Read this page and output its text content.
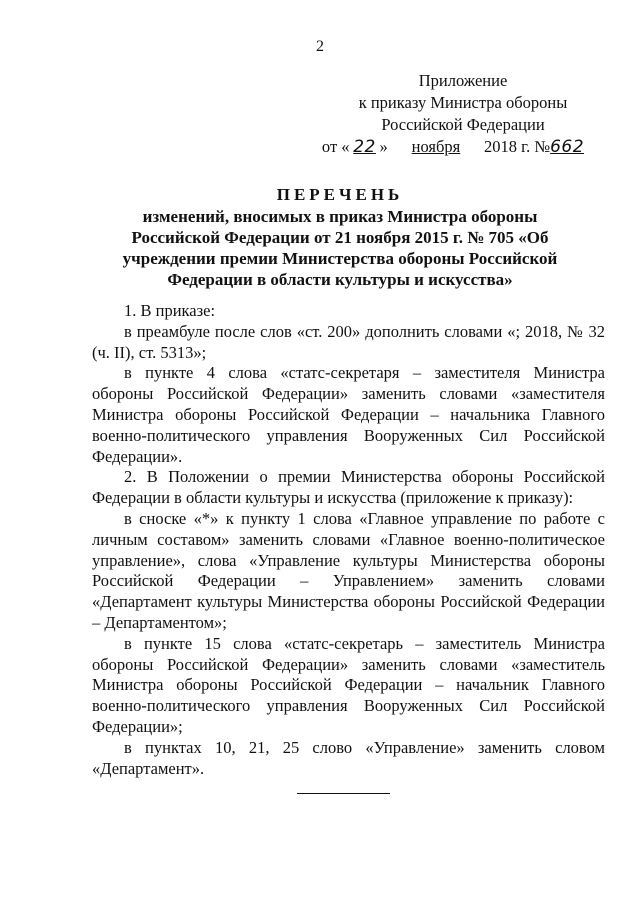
2
Приложение
к приказу Министра обороны
Российской Федерации
от « 22 » ноября 2018 г. №662
ПЕРЕЧЕНЬ
изменений, вносимых в приказ Министра обороны Российской Федерации от 21 ноября 2015 г. № 705 «Об учреждении премии Министерства обороны Российской Федерации в области культуры и искусства»

1. В приказе:

в преамбуле после слов «ст. 200» дополнить словами «; 2018, № 32 (ч. II), ст. 5313»;

в пункте 4 слова «статс-секретаря – заместителя Министра обороны Российской Федерации» заменить словами «заместителя Министра обороны Российской Федерации – начальника Главного военно-политического управления Вооруженных Сил Российской Федерации».

2. В Положении о премии Министерства обороны Российской Федерации в области культуры и искусства (приложение к приказу):

в сноске «*» к пункту 1 слова «Главное управление по работе с личным составом» заменить словами «Главное военно-политическое управление», слова «Управление культуры Министерства обороны Российской Федерации – Управлением» заменить словами «Департамент культуры Министерства обороны Российской Федерации – Департаментом»;

в пункте 15 слова «статс-секретарь – заместитель Министра обороны Российской Федерации» заменить словами «заместитель Министра обороны Российской Федерации – начальник Главного военно-политического управления Вооруженных Сил Российской Федерации»;

в пунктах 10, 21, 25 слово «Управление» заменить словом «Департамент».
